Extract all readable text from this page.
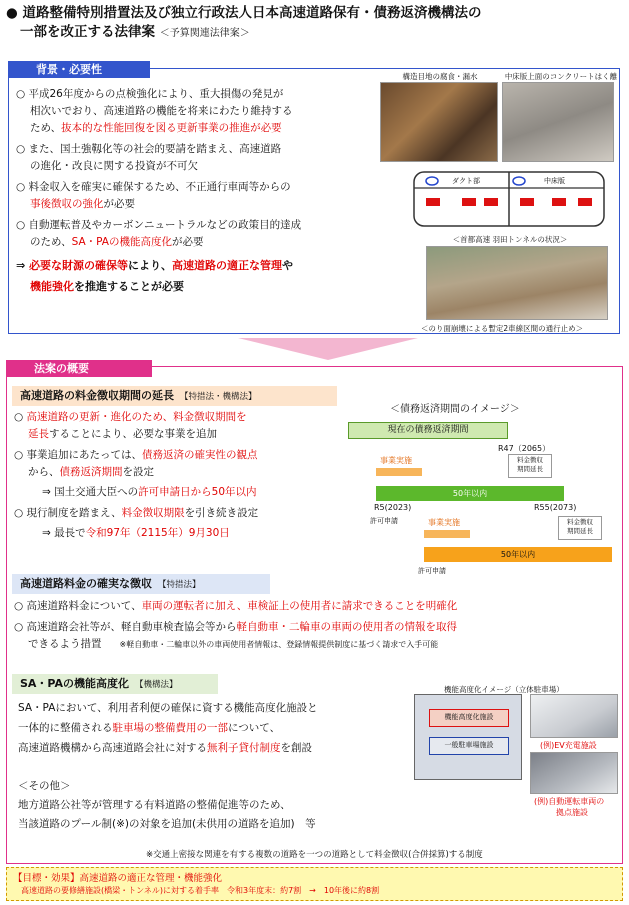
● 道路整備特別措置法及び独立行政法人日本高速道路保有・債務返済機構法の
一部を改正する法律案 ＜予算関連法律案＞
背景・必要性
○ 平成26年度からの点検強化により、重大損傷の発見が
相次いでおり、高速道路の機能を将来にわたり維持する
ため、抜本的な性能回復を図る更新事業の推進が必要
○ また、国土強靱化等の社会的要請を踏まえ、高速道路
の進化・改良に関する投資が不可欠
○ 料金収入を確実に確保するため、不正通行車両等からの
事後徴収の強化が必要
○ 自動運転普及やカーボンニュートラルなどの政策目的達成
のため、SA・PAの機能高度化が必要
⇒ 必要な財源の確保等により、高速道路の適正な管理や
機能強化を推進することが必要
構造目地の腐食・漏水	中床版上面のコンクリートはく離
ダクト部	中床版
＜首都高速 羽田トンネルの状況＞
＜のり面崩壊による暫定2車線区間の通行止め＞
法案の概要
高速道路の料金徴収期間の延長 【特措法・機構法】
○ 高速道路の更新・進化のため、料金徴収期間を
延長することにより、必要な事業を追加
○ 事業追加にあたっては、債務返済の確実性の観点
から、債務返済期間を設定
⇒ 国土交通大臣への許可申請日から50年以内
○ 現行制度を踏まえ、料金徴収期限を引き続き設定
⇒ 最長で令和97年（2115年）9月30日
＜債務返済期間のイメージ＞
現在の債務返済期間
R47（2065）
料金徴収
期間延長
事業実施
50年以内
R5(2023)
許可申請
R55(2073)
料金徴収
期間延長
事業実施
50年以内
許可申請
高速道路料金の確実な徴収 【特措法】
○ 高速道路料金について、車両の運転者に加え、車検証上の使用者に請求できることを明確化
○ 高速道路会社等が、軽自動車検査協会等から軽自動車・二輪車の車両の使用者の情報を取得
できるよう措置 ※軽自動車・二輪車以外の車両使用者情報は、登録情報提供制度に基づく請求で入手可能
SA・PAの機能高度化 【機構法】
SA・PAにおいて、利用者利便の確保に資する機能高度化施設と
一体的に整備される駐車場の整備費用の一部について、
高速道路機構から高速道路会社に対する無利子貸付制度を創設
機能高度化イメージ（立体駐車場）
機能高度化施設
一般駐車場施設	(例)EV充電施設
(例)自動運転車両の
拠点施設
＜その他＞
地方道路公社等が管理する有料道路の整備促進等のため、
当該道路のプール制(※)の対象を追加(未供用の道路を追加)　等
※交通上密接な関連を有する複数の道路を一つの道路として料金徴収(合併採算)する制度
【目標・効果】高速道路の適正な管理・機能強化
高速道路の要修繕施設(橋梁・トンネル)に対する着手率　令和3年度末：約7割　→　10年後に約8割
